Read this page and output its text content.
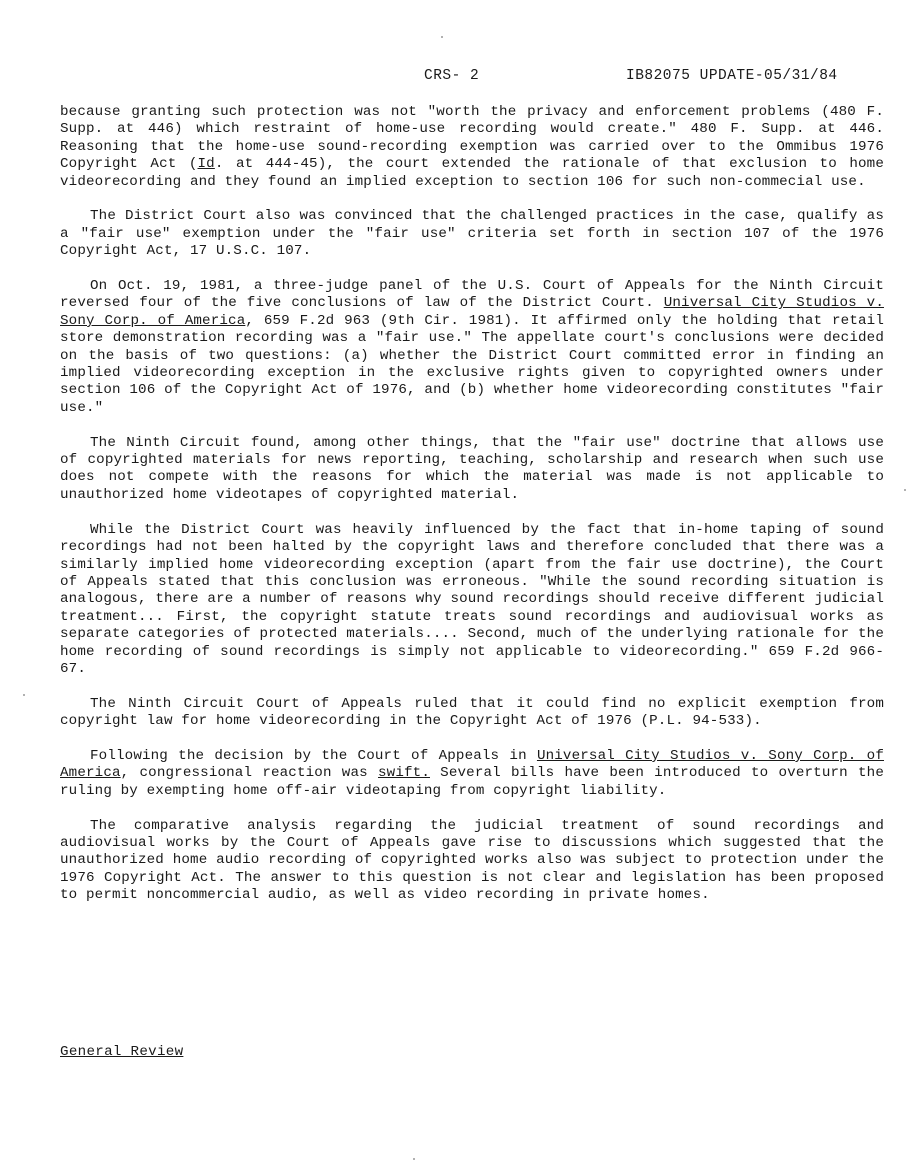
CRS- 2	IB82075 UPDATE-05/31/84

because granting such protection was not "worth the privacy and enforcement problems (480 F. Supp. at 446) which restraint of home-use recording would create." 480 F. Supp. at 446. Reasoning that the home-use sound-recording exemption was carried over to the Ommibus 1976 Copyright Act (Id. at 444-45), the court extended the rationale of that exclusion to home videorecording and they found an implied exception to section 106 for such non-commecial use.

The District Court also was convinced that the challenged practices in the case, qualify as a "fair use" exemption under the "fair use" criteria set forth in section 107 of the 1976 Copyright Act, 17 U.S.C. 107.

On Oct. 19, 1981, a three-judge panel of the U.S. Court of Appeals for the Ninth Circuit reversed four of the five conclusions of law of the District Court. Universal City Studios v. Sony Corp. of America, 659 F.2d 963 (9th Cir. 1981). It affirmed only the holding that retail store demonstration recording was a "fair use." The appellate court's conclusions were decided on the basis of two questions: (a) whether the District Court committed error in finding an implied videorecording exception in the exclusive rights given to copyrighted owners under section 106 of the Copyright Act of 1976, and (b) whether home videorecording constitutes "fair use."

The Ninth Circuit found, among other things, that the "fair use" doctrine that allows use of copyrighted materials for news reporting, teaching, scholarship and research when such use does not compete with the reasons for which the material was made is not applicable to unauthorized home videotapes of copyrighted material.

While the District Court was heavily influenced by the fact that in-home taping of sound recordings had not been halted by the copyright laws and therefore concluded that there was a similarly implied home videorecording exception (apart from the fair use doctrine), the Court of Appeals stated that this conclusion was erroneous. "While the sound recording situation is analogous, there are a number of reasons why sound recordings should receive different judicial treatment... First, the copyright statute treats sound recordings and audiovisual works as separate categories of protected materials.... Second, much of the underlying rationale for the home recording of sound recordings is simply not applicable to videorecording." 659 F.2d 966-67.

The Ninth Circuit Court of Appeals ruled that it could find no explicit exemption from copyright law for home videorecording in the Copyright Act of 1976 (P.L. 94-533).

Following the decision by the Court of Appeals in Universal City Studios v. Sony Corp. of America, congressional reaction was swift. Several bills have been introduced to overturn the ruling by exempting home off-air videotaping from copyright liability.

The comparative analysis regarding the judicial treatment of sound recordings and audiovisual works by the Court of Appeals gave rise to discussions which suggested that the unauthorized home audio recording of copyrighted works also was subject to protection under the 1976 Copyright Act. The answer to this question is not clear and legislation has been proposed to permit noncommercial audio, as well as video recording in private homes.

General Review
